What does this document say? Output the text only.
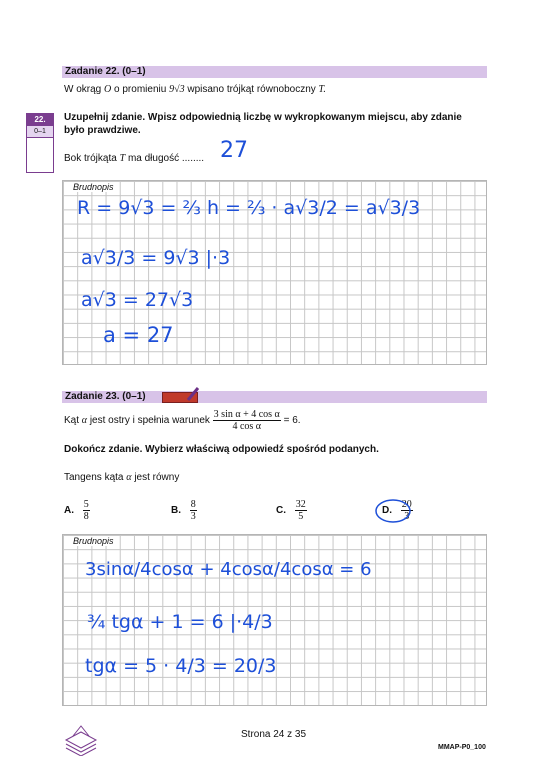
Zadanie 22. (0–1)
W okrąg O o promieniu 9√3 wpisano trójkąt równoboczny T.
22.
0–1
Uzupełnij zdanie. Wpisz odpowiednią liczbę w wykropkowanym miejscu, aby zdanie było prawdziwe.
Bok trójkąta T ma długość ........ 27
Brudnopis
R = 9√3 = ⅔ h = ⅔ · a√3/2 = a√3/3
a√3/3 = 9√3 |·3
a√3 = 27√3
a = 27
Zadanie 23. (0–1)
Kąt α jest ostry i spełnia warunek $\frac{\text{3 sin α + 4 cos α}}{\text{4 cos α}} = 6$.
Dokończ zdanie. Wybierz właściwą odpowiedź spośród podanych.
Tangens kąta α jest równy
A. $\frac{5}{8}$	B. $\frac{8}{3}$	C. $\frac{32}{5}$	D. $\frac{20}{3}$
Brudnopis
3sinα/4cosα + 4cosα/4cosα = 6
¾ tgα + 1 = 6 |·4/3
tgα = 5 · 4/3 = 20/3
Strona 24 z 35
MMAP-P0_100
